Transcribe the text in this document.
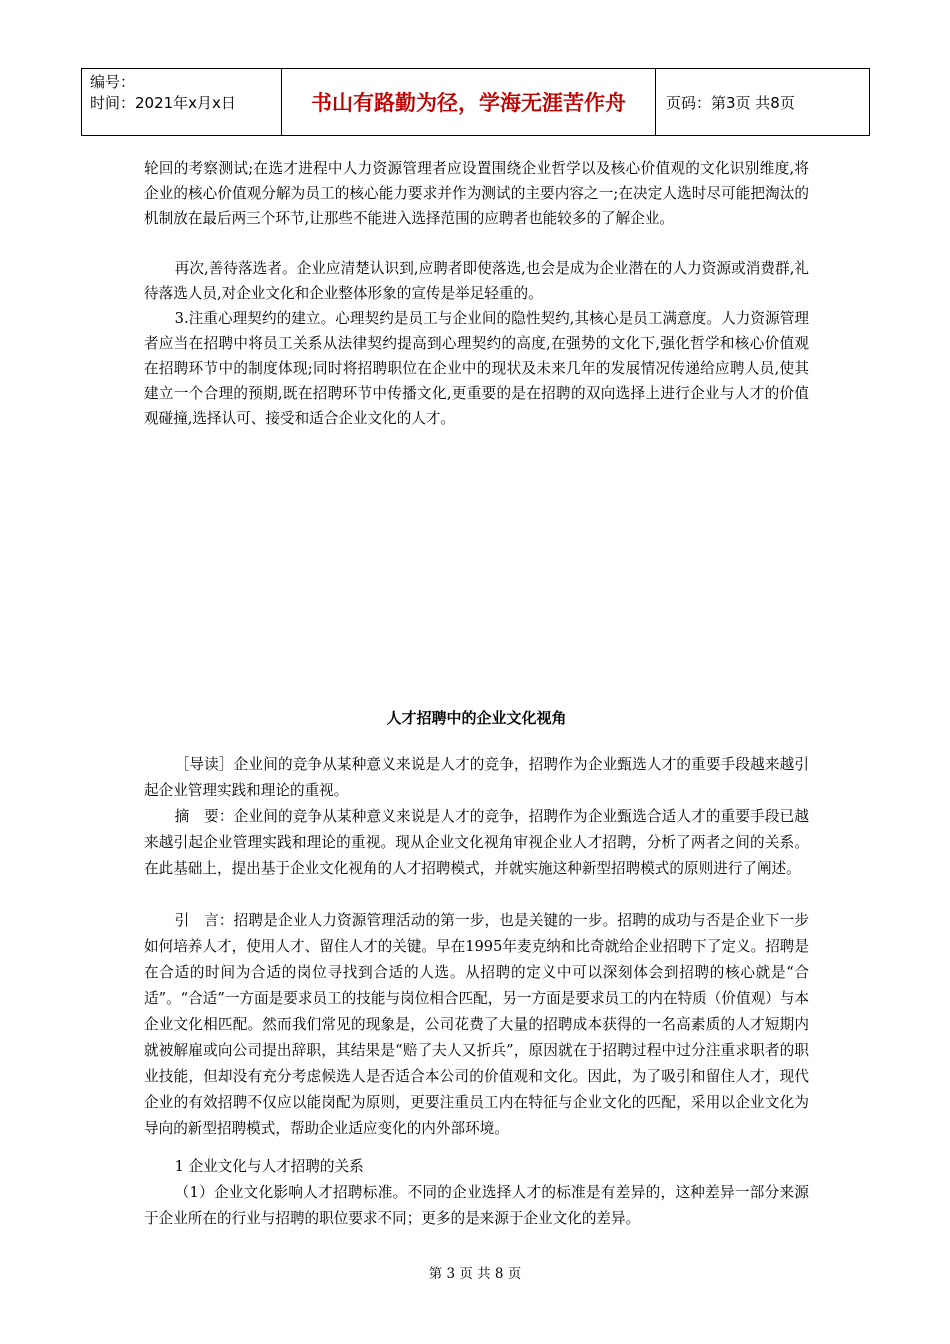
编号：
时间：2021年x月x日	书山有路勤为径，学海无涯苦作舟	页码：第3页 共8页

轮回的考察测试;在选才进程中人力资源管理者应设置围绕企业哲学以及核心价值观的文化识别维度,将企业的核心价值观分解为员工的核心能力要求并作为测试的主要内容之一;在决定人选时尽可能把淘汰的机制放在最后两三个环节,让那些不能进入选择范围的应聘者也能较多的了解企业。

再次,善待落选者。企业应清楚认识到,应聘者即使落选,也会是成为企业潜在的人力资源或消费群,礼待落选人员,对企业文化和企业整体形象的宣传是举足轻重的。

3.注重心理契约的建立。心理契约是员工与企业间的隐性契约,其核心是员工满意度。人力资源管理者应当在招聘中将员工关系从法律契约提高到心理契约的高度,在强势的文化下,强化哲学和核心价值观在招聘环节中的制度体现;同时将招聘职位在企业中的现状及未来几年的发展情况传递给应聘人员,使其建立一个合理的预期,既在招聘环节中传播文化,更重要的是在招聘的双向选择上进行企业与人才的价值观碰撞,选择认可、接受和适合企业文化的人才。

人才招聘中的企业文化视角

［导读］企业间的竞争从某种意义来说是人才的竞争，招聘作为企业甄选人才的重要手段越来越引起企业管理实践和理论的重视。

摘　要：企业间的竞争从某种意义来说是人才的竞争，招聘作为企业甄选合适人才的重要手段已越来越引起企业管理实践和理论的重视。现从企业文化视角审视企业人才招聘，分析了两者之间的关系。在此基础上，提出基于企业文化视角的人才招聘模式，并就实施这种新型招聘模式的原则进行了阐述。

引　言：招聘是企业人力资源管理活动的第一步，也是关键的一步。招聘的成功与否是企业下一步如何培养人才，使用人才、留住人才的关键。早在1995年麦克纳和比奇就给企业招聘下了定义。招聘是在合适的时间为合适的岗位寻找到合适的人选。从招聘的定义中可以深刻体会到招聘的核心就是“合适”。“合适”一方面是要求员工的技能与岗位相合匹配，另一方面是要求员工的内在特质（价值观）与本企业文化相匹配。然而我们常见的现象是，公司花费了大量的招聘成本获得的一名高素质的人才短期内就被解雇或向公司提出辞职，其结果是“赔了夫人又折兵”，原因就在于招聘过程中过分注重求职者的职业技能，但却没有充分考虑候选人是否适合本公司的价值观和文化。因此，为了吸引和留住人才，现代企业的有效招聘不仅应以能岗配为原则，更要注重员工内在特征与企业文化的匹配，采用以企业文化为导向的新型招聘模式，帮助企业适应变化的内外部环境。

1 企业文化与人才招聘的关系

（1）企业文化影响人才招聘标准。不同的企业选择人才的标准是有差异的，这种差异一部分来源于企业所在的行业与招聘的职位要求不同；更多的是来源于企业文化的差异。

第 3 页 共 8 页
